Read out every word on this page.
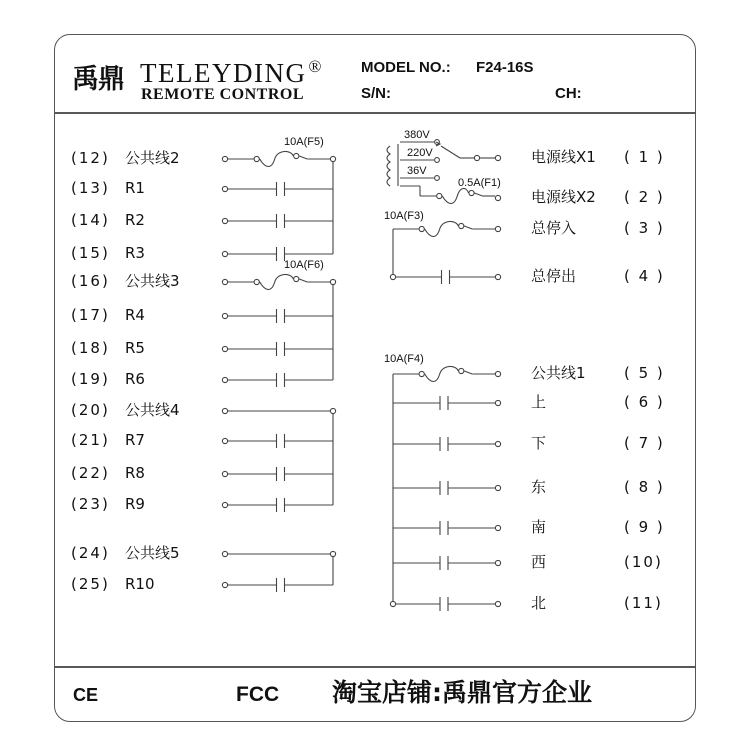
禹鼎 TELEYDING ®
REMOTE CONTROL
MODEL NO.: F24-16S
S/N:	CH:
(12) 公共线2
(13) R1
(14) R2
(15) R3
(16) 公共线3
(17) R4
(18) R5
(19) R6
(20) 公共线4
(21) R7
(22) R8
(23) R9
(24) 公共线5
(25) R10
电源线X1 ( 1 )
电源线X2 ( 2 )
总停入	( 3 )
总停出	( 4 )
公共线1	( 5 )
上	( 6 )
下	( 7 )
东	( 8 )
南	( 9 )
西	(10)
北	(11)
CE	FCC 淘宝店铺:禹鼎官方企业
380V
220V
36V
10A(F5)
10A(F6)
0.5A(F1)
10A(F3)
10A(F4)
